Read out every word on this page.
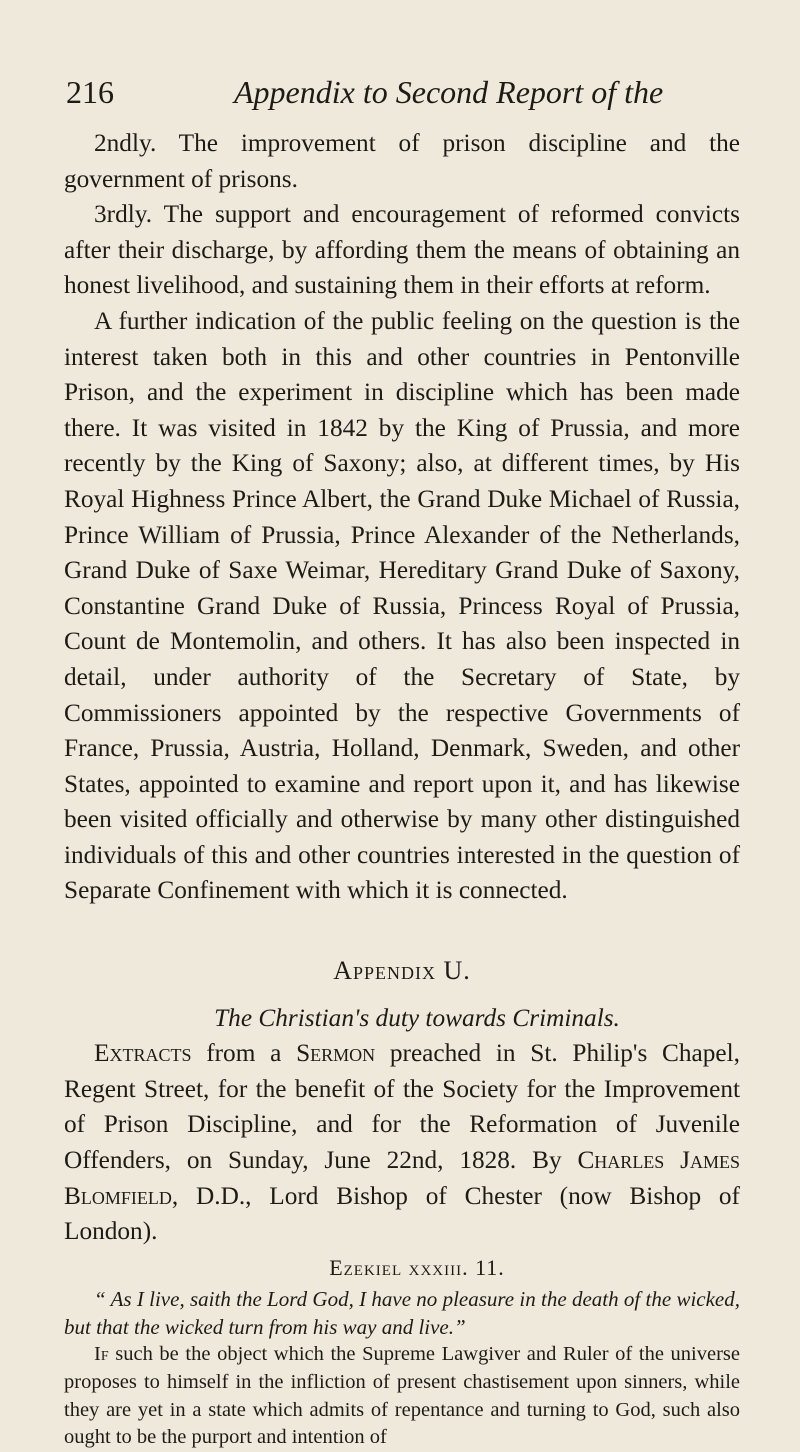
216	Appendix to Second Report of the

2ndly. The improvement of prison discipline and the government of prisons.

3rdly. The support and encouragement of reformed convicts after their discharge, by affording them the means of obtaining an honest livelihood, and sustaining them in their efforts at reform.

A further indication of the public feeling on the question is the interest taken both in this and other countries in Pentonville Prison, and the experiment in discipline which has been made there. It was visited in 1842 by the King of Prussia, and more recently by the King of Saxony; also, at different times, by His Royal Highness Prince Albert, the Grand Duke Michael of Russia, Prince William of Prussia, Prince Alexander of the Netherlands, Grand Duke of Saxe Weimar, Hereditary Grand Duke of Saxony, Constantine Grand Duke of Russia, Princess Royal of Prussia, Count de Montemolin, and others. It has also been inspected in detail, under authority of the Secretary of State, by Commissioners appointed by the respective Governments of France, Prussia, Austria, Holland, Denmark, Sweden, and other States, appointed to examine and report upon it, and has likewise been visited officially and otherwise by many other distinguished individuals of this and other countries interested in the question of Separate Confinement with which it is connected.

Appendix U.

The Christian's duty towards Criminals.

Extracts from a Sermon preached in St. Philip's Chapel, Regent Street, for the benefit of the Society for the Improvement of Prison Discipline, and for the Reformation of Juvenile Offenders, on Sunday, June 22nd, 1828. By Charles James Blomfield, D.D., Lord Bishop of Chester (now Bishop of London).

Ezekiel xxxiii. 11.

“ As I live, saith the Lord God, I have no pleasure in the death of the wicked, but that the wicked turn from his way and live.”

If such be the object which the Supreme Lawgiver and Ruler of the universe proposes to himself in the infliction of present chastisement upon sinners, while they are yet in a state which admits of repentance and turning to God, such also ought to be the purport and intention of
